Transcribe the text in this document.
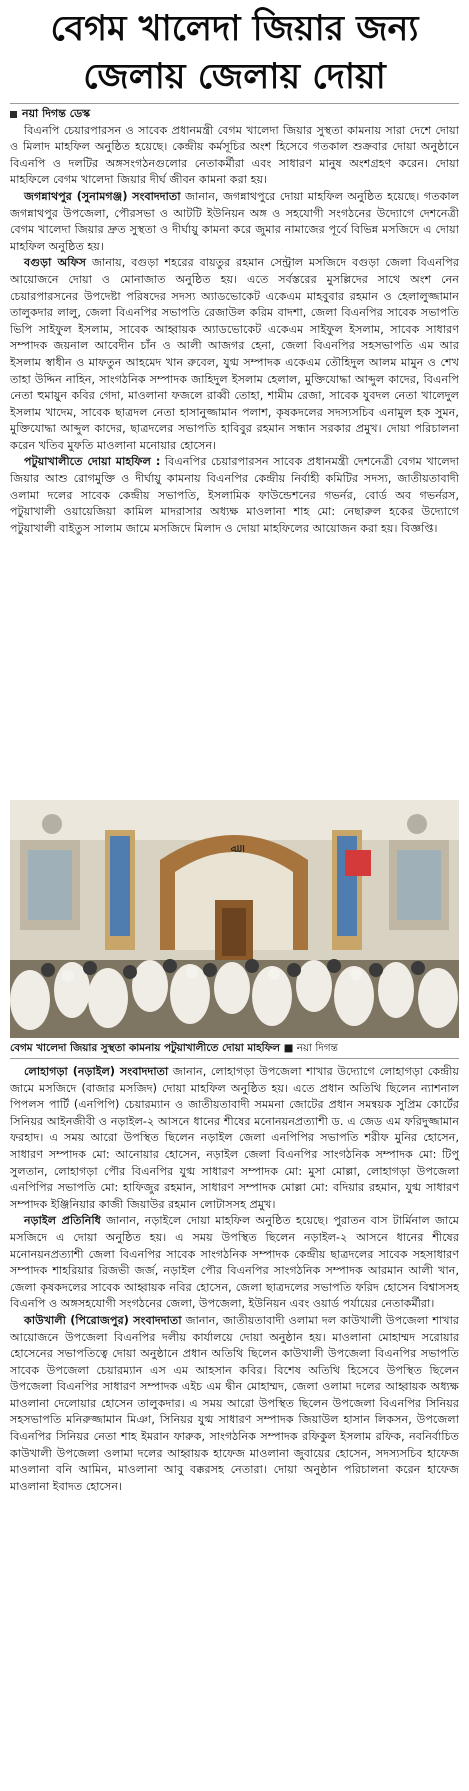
বেগম খালেদা জিয়ার জন্য
জেলায় জেলায় দোয়া

নয়া দিগন্ত ডেস্ক

বিএনপি চেয়ারপারসন ও সাবেক প্রধানমন্ত্রী বেগম খালেদা জিয়ার সুস্থতা কামনায় সারা দেশে দোয়া ও মিলাদ মাহফিল অনুষ্ঠিত হয়েছে। কেন্দ্রীয় কর্মসূচির অংশ হিসেবে গতকাল শুক্রবার দোয়া অনুষ্ঠানে বিএনপি ও দলটির অঙ্গসংগঠনগুলোর নেতাকর্মীরা এবং সাধারণ মানুষ অংশগ্রহণ করেন। দোয়া মাহফিলে বেগম খালেদা জিয়ার দীর্ঘ জীবন কামনা করা হয়।

জগন্নাথপুর (সুনামগঞ্জ) সংবাদদাতা জানান, জগন্নাথপুরে দোয়া মাহফিল অনুষ্ঠিত হয়েছে। গতকাল জগন্নাথপুর উপজেলা, পৌরসভা ও আটটি ইউনিয়ন অঙ্গ ও সহযোগী সংগঠনের উদ্যোগে দেশনেত্রী বেগম খালেদা জিয়ার দ্রুত সুস্থতা ও দীর্ঘায়ু কামনা করে জুমার নামাজের পূর্বে বিভিন্ন মসজিদে এ দোয়া মাহফিল অনুষ্ঠিত হয়।

বগুড়া অফিস জানায়, বগুড়া শহরের বায়তুর রহমান সেন্ট্রাল মসজিদে বগুড়া জেলা বিএনপির আয়োজনে দোয়া ও মোনাজাত অনুষ্ঠিত হয়। এতে সর্বস্তরের মুসল্লিদের সাথে অংশ নেন চেয়ারপারসনের উপদেষ্টা পরিষদের সদস্য অ্যাডভোকেট একেএম মাহবুবার রহমান ও হেলালুজ্জামান তালুকদার লালু, জেলা বিএনপির সভাপতি রেজাউল করিম বাদশা, জেলা বিএনপির সাবেক সভাপতি ভিপি সাইফুল ইসলাম, সাবেক আহ্বায়ক অ্যাডভোকেট একেএম সাইফুল ইসলাম, সাবেক সাধারণ সম্পাদক জয়নাল আবেদীন চাঁন ও আলী আজগর হেনা, জেলা বিএনপির সহসভাপতি এম আর ইসলাম স্বাধীন ও মাফতুন আহমেদ খান রুবেল, যুগ্ম সম্পাদক একেএম তৌহিদুল আলম মামুন ও শেখ তাহা উদ্দিন নাহিন, সাংগঠনিক সম্পাদক জাহিদুল ইসলাম হেলাল, মুক্তিযোদ্ধা আব্দুল কাদের, বিএনপি নেতা হুমায়ুন কবির গেদা, মাওলানা ফজলে রাব্বী তোহা, শামীম রেজা, সাবেক যুবদল নেতা খালেদুল ইসলাম খাদেম, সাবেক ছাত্রদল নেতা হাসানুজ্জামান পলাশ, কৃষকদলের সদস্যসচিব এনামুল হক সুমন, মুক্তিযোদ্ধা আব্দুল কাদের, ছাত্রদলের সভাপতি হাবিবুর রহমান সন্ধান সরকার প্রমুখ। দোয়া পরিচালনা করেন খতিব মুফতি মাওলানা মনোয়ার হোসেন।

পটুয়াখালীতে দোয়া মাহফিল : বিএনপির চেয়ারপারসন সাবেক প্রধানমন্ত্রী দেশনেত্রী বেগম খালেদা জিয়ার আশু রোগমুক্তি ও দীর্ঘায়ু কামনায় বিএনপির কেন্দ্রীয় নির্বাহী কমিটির সদস্য, জাতীয়তাবাদী ওলামা দলের সাবেক কেন্দ্রীয় সভাপতি, ইসলামিক ফাউন্ডেশনের গভর্নর, বোর্ড অব গভর্নরস, পটুয়াখালী ওয়ায়েজিয়া কামিল মাদরাসার অধ্যক্ষ মাওলানা শাহ মো: নেছারুল হকের উদ্যোগে পটুয়াখালী বাইতুস সালাম জামে মসজিদে মিলাদ ও দোয়া মাহফিলের আয়োজন করা হয়। বিজ্ঞপ্তি।

ﷲ
বেগম খালেদা জিয়ার সুস্থতা কামনায় পটুয়াখালীতে দোয়া মাহফিল ■ নয়া দিগন্ত

লোহাগড়া (নড়াইল) সংবাদদাতা জানান, লোহাগড়া উপজেলা শাখার উদ্যোগে লোহাগড়া কেন্দ্রীয় জামে মসজিদে (বাজার মসজিদ) দোয়া মাহফিল অনুষ্ঠিত হয়। এতে প্রধান অতিথি ছিলেন ন্যাশনাল পিপলস পার্টি (এনপিপি) চেয়ারম্যান ও জাতীয়তাবাদী সমমনা জোটের প্রধান সমন্বয়ক সুপ্রিম কোর্টের সিনিয়র আইনজীবী ও নড়াইল-২ আসনে ধানের শীষের মনোনয়নপ্রত্যাশী ড. এ জেড এম ফরিদুজ্জামান ফরহাদ। এ সময় আরো উপস্থিত ছিলেন নড়াইল জেলা এনপিপির সভাপতি শরীফ মুনির হোসেন, সাধারণ সম্পাদক মো: আনোয়ার হোসেন, নড়াইল জেলা বিএনপির সাংগঠনিক সম্পাদক মো: টিপু সুলতান, লোহাগড়া পৌর বিএনপির যুগ্ম সাধারণ সম্পাদক মো: মুসা মোল্লা, লোহাগড়া উপজেলা এনপিপির সভাপতি মো: হাফিজুর রহমান, সাধারণ সম্পাদক মোল্লা মো: বদিয়ার রহমান, যুগ্ম সাধারণ সম্পাদক ইঞ্জিনিয়ার কাজী জিয়াউর রহমান লোটাসসহ প্রমুখ।

নড়াইল প্রতিনিধি জানান, নড়াইলে দোয়া মাহফিল অনুষ্ঠিত হয়েছে। পুরাতন বাস টার্মিনাল জামে মসজিদে এ দোয়া অনুষ্ঠিত হয়। এ সময় উপস্থিত ছিলেন নড়াইল-২ আসনে ধানের শীষের মনোনয়নপ্রত্যাশী জেলা বিএনপির সাবেক সাংগঠনিক সম্পাদক কেন্দ্রীয় ছাত্রদলের সাবেক সহসাধারণ সম্পাদক শাহরিয়ার রিজভী জর্জ, নড়াইল পৌর বিএনপির সাংগঠনিক সম্পাদক আরমান আলী খান, জেলা কৃষকদলের সাবেক আহ্বায়ক নবির হোসেন, জেলা ছাত্রদলের সভাপতি ফরিদ হোসেন বিশ্বাসসহ বিএনপি ও অঙ্গসহযোগী সংগঠনের জেলা, উপজেলা, ইউনিয়ন এবং ওয়ার্ড পর্যায়ের নেতাকর্মীরা।

কাউখালী (পিরোজপুর) সংবাদদাতা জানান, জাতীয়তাবাদী ওলামা দল কাউখালী উপজেলা শাখার আয়োজনে উপজেলা বিএনপির দলীয় কার্যালয়ে দোয়া অনুষ্ঠান হয়। মাওলানা মোহাম্মদ সরোয়ার হোসেনের সভাপতিত্বে দোয়া অনুষ্ঠানে প্রধান অতিথি ছিলেন কাউখালী উপজেলা বিএনপির সভাপতি সাবেক উপজেলা চেয়ারম্যান এস এম আহসান কবির। বিশেষ অতিথি হিসেবে উপস্থিত ছিলেন উপজেলা বিএনপির সাধারণ সম্পাদক এইচ এম দ্বীন মোহাম্মদ, জেলা ওলামা দলের আহ্বায়ক অধ্যক্ষ মাওলানা দেলোয়ার হোসেন তালুকদার। এ সময় আরো উপস্থিত ছিলেন উপজেলা বিএনপির সিনিয়র সহসভাপতি মনিরুজ্জামান মিঞা, সিনিয়র যুগ্ম সাধারণ সম্পাদক জিয়াউল হাসান লিকসন, উপজেলা বিএনপির সিনিয়র নেতা শাহ ইমরান ফারুক, সাংগঠনিক সম্পাদক রফিকুল ইসলাম রফিক, নবনির্বাচিত কাউখালী উপজেলা ওলামা দলের আহ্বায়ক হাফেজ মাওলানা জুবায়ের হোসেন, সদস্যসচিব হাফেজ মাওলানা বনি আমিন, মাওলানা আবু বক্করসহ নেতারা। দোয়া অনুষ্ঠান পরিচালনা করেন হাফেজ মাওলানা ইবাদত হোসেন।
